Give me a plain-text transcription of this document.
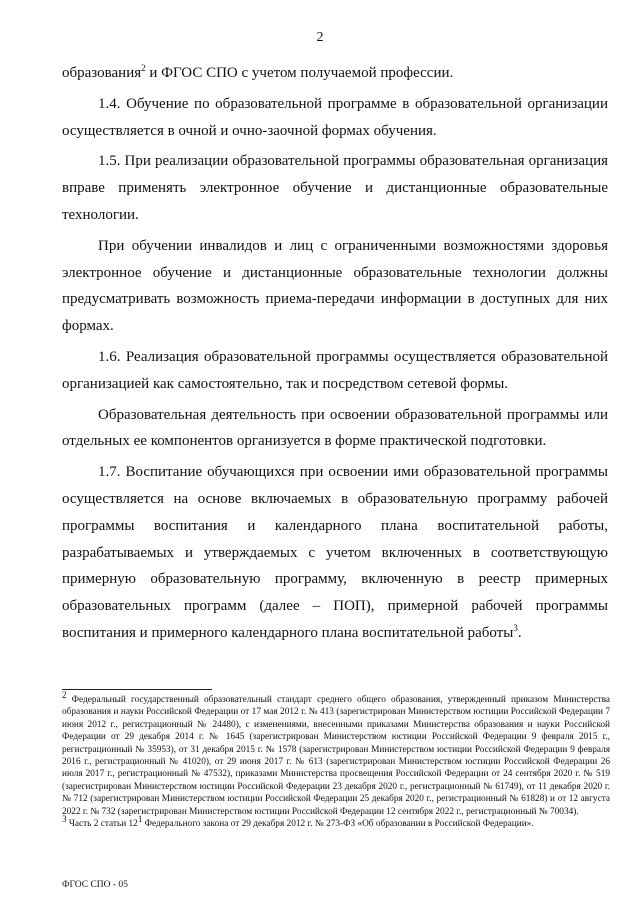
2

образования$^2$ и ФГОС СПО с учетом получаемой профессии.

1.4. Обучение по образовательной программе в образовательной организации осуществляется в очной и очно-заочной формах обучения.

1.5. При реализации образовательной программы образовательная организация вправе применять электронное обучение и дистанционные образовательные технологии.

При обучении инвалидов и лиц с ограниченными возможностями здоровья электронное обучение и дистанционные образовательные технологии должны предусматривать возможность приема-передачи информации в доступных для них формах.

1.6. Реализация образовательной программы осуществляется образовательной организацией как самостоятельно, так и посредством сетевой формы.

Образовательная деятельность при освоении образовательной программы или отдельных ее компонентов организуется в форме практической подготовки.

1.7. Воспитание обучающихся при освоении ими образовательной программы осуществляется на основе включаемых в образовательную программу рабочей программы воспитания и календарного плана воспитательной работы, разрабатываемых и утверждаемых с учетом включенных в соответствующую примерную образовательную программу, включенную в реестр примерных образовательных программ (далее – ПОП), примерной рабочей программы воспитания и примерного календарного плана воспитательной работы$^3$.

$^2$ Федеральный государственный образовательный стандарт среднего общего образования, утвержденный приказом Министерства образования и науки Российской Федерации от 17 мая 2012 г. № 413 (зарегистрирован Министерством юстиции Российской Федерации 7 июня 2012 г., регистрационный № 24480), с изменениями, внесенными приказами Министерства образования и науки Российской Федерации от 29 декабря 2014 г. № 1645 (зарегистрирован Министерством юстиции Российской Федерации 9 февраля 2015 г., регистрационный № 35953), от 31 декабря 2015 г. № 1578 (зарегистрирован Министерством юстиции Российской Федерации 9 февраля 2016 г., регистрационный № 41020), от 29 июня 2017 г. № 613 (зарегистрирован Министерством юстиции Российской Федерации 26 июля 2017 г., регистрационный № 47532), приказами Министерства просвещения Российской Федерации от 24 сентября 2020 г. № 519 (зарегистрирован Министерством юстиции Российской Федерации 23 декабря 2020 г., регистрационный № 61749), от 11 декабря 2020 г. № 712 (зарегистрирован Министерством юстиции Российской Федерации 25 декабря 2020 г., регистрационный № 61828) и от 12 августа 2022 г. № 732 (зарегистрирован Министерством юстиции Российской Федерации 12 сентября 2022 г., регистрационный № 70034).

$^3$ Часть 2 статьи $12^1$ Федерального закона от 29 декабря 2012 г. № 273-ФЗ «Об образовании в Российской Федерации».

ФГОС СПО - 05
